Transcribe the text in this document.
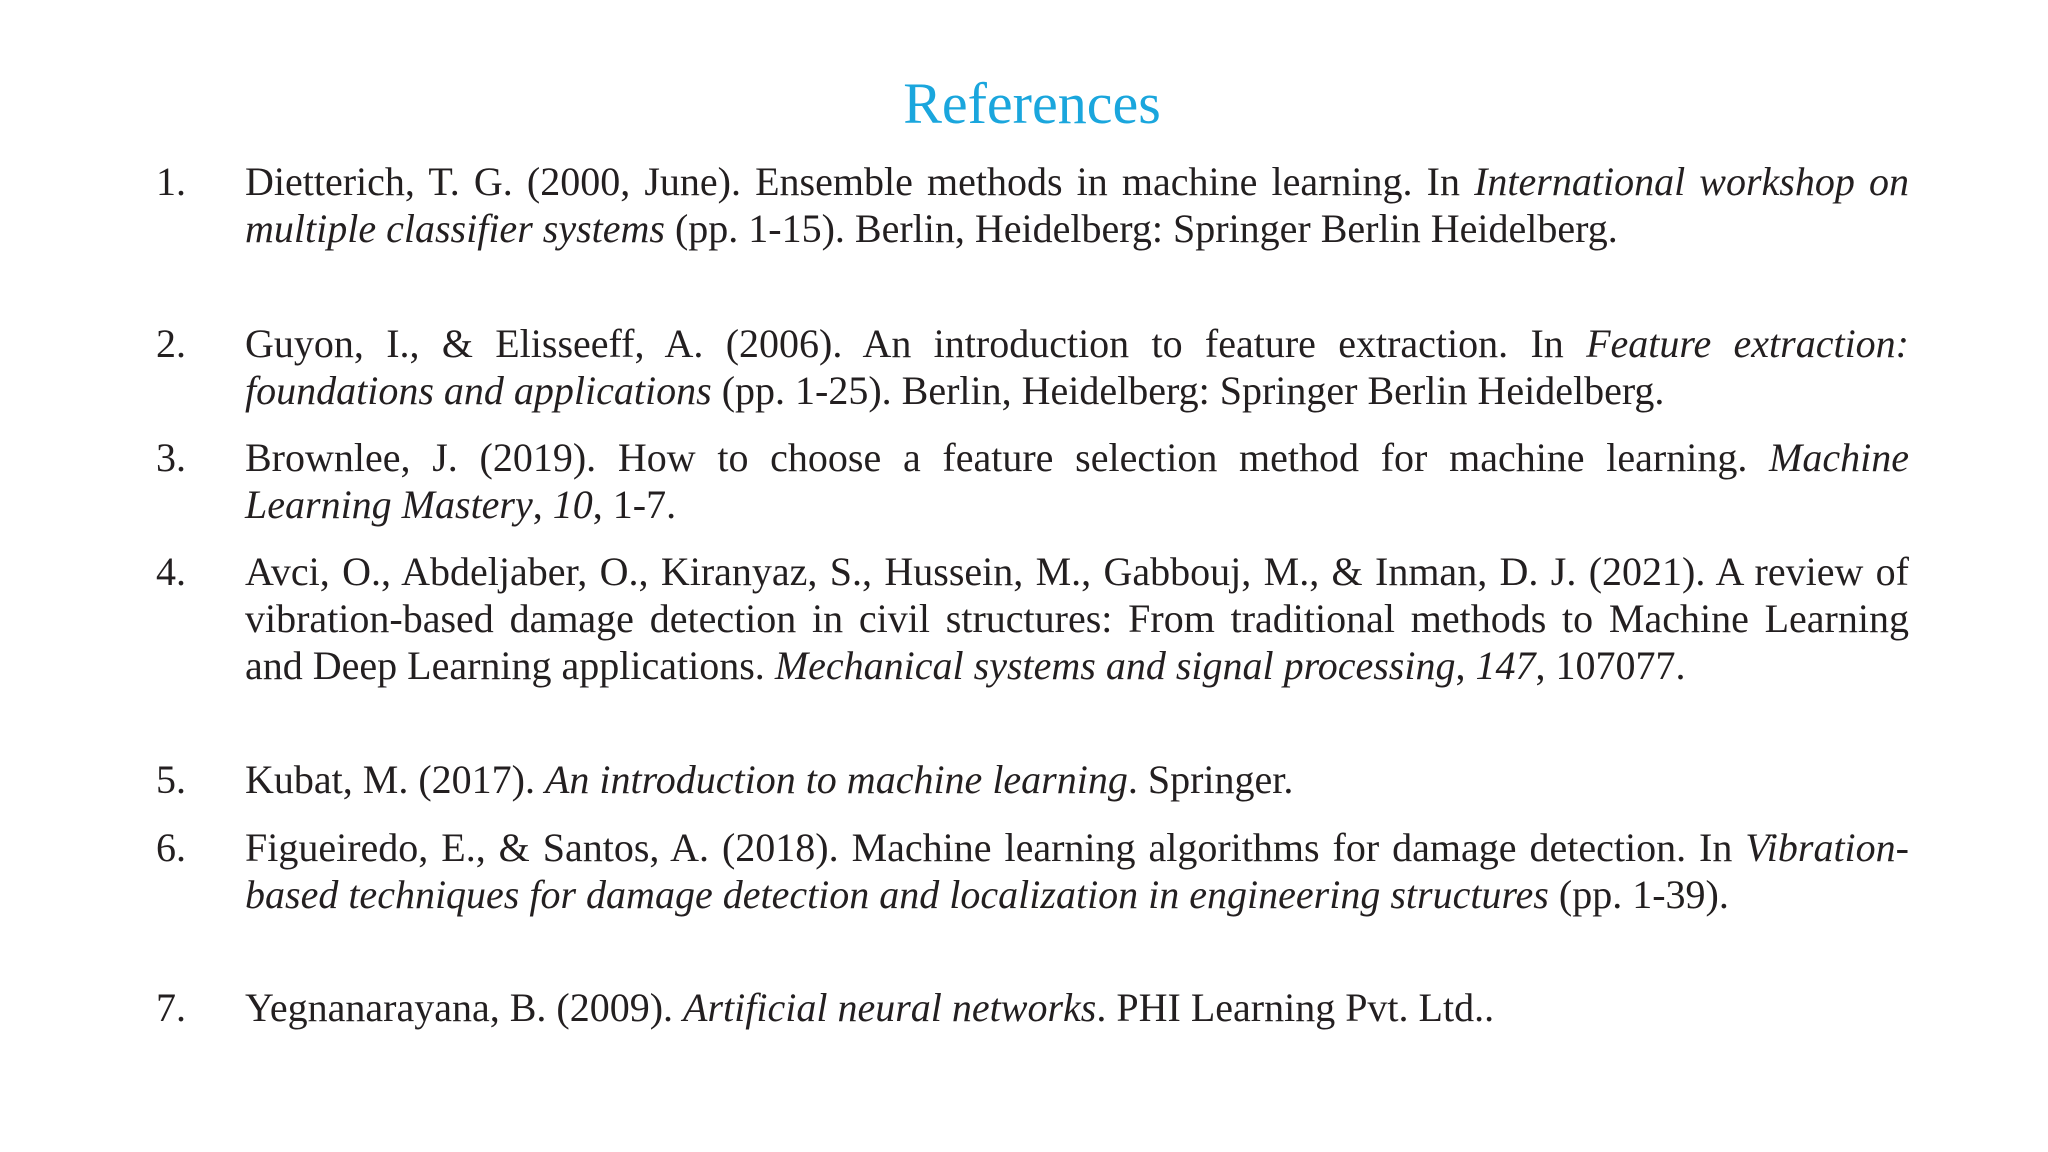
References
1. Dietterich, T. G. (2000, June). Ensemble methods in machine learning. In International workshop on multiple classifier systems (pp. 1-15). Berlin, Heidelberg: Springer Berlin Heidelberg.
2. Guyon, I., & Elisseeff, A. (2006). An introduction to feature extraction. In Feature extraction: foundations and applications (pp. 1-25). Berlin, Heidelberg: Springer Berlin Heidelberg.
3. Brownlee, J. (2019). How to choose a feature selection method for machine learning. Machine Learning Mastery, 10, 1-7.
4. Avci, O., Abdeljaber, O., Kiranyaz, S., Hussein, M., Gabbouj, M., & Inman, D. J. (2021). A review of vibration-based damage detection in civil structures: From traditional methods to Machine Learning and Deep Learning applications. Mechanical systems and signal processing, 147, 107077.
5. Kubat, M. (2017). An introduction to machine learning. Springer.
6. Figueiredo, E., & Santos, A. (2018). Machine learning algorithms for damage detection. In Vibration-based techniques for damage detection and localization in engineering structures (pp. 1-39).
7. Yegnanarayana, B. (2009). Artificial neural networks. PHI Learning Pvt. Ltd..
